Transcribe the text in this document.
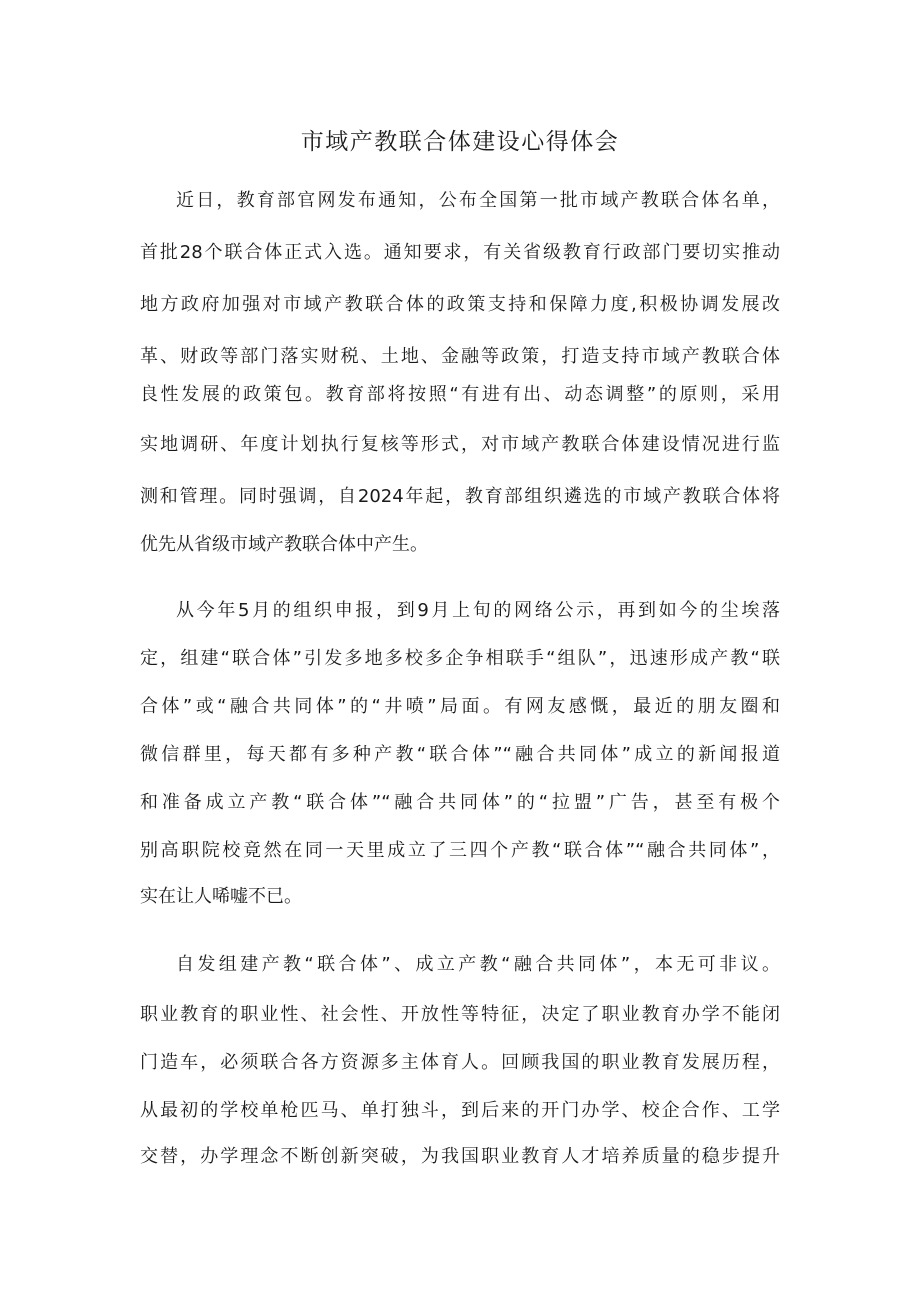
市域产教联合体建设心得体会
近日，教育部官网发布通知，公布全国第一批市域产教联合体名单，
首批28个联合体正式入选。通知要求，有关省级教育行政部门要切实推动
地方政府加强对市域产教联合体的政策支持和保障力度,积极协调发展改
革、财政等部门落实财税、土地、金融等政策，打造支持市域产教联合体
良性发展的政策包。教育部将按照“有进有出、动态调整”的原则，采用
实地调研、年度计划执行复核等形式，对市域产教联合体建设情况进行监
测和管理。同时强调，自2024年起，教育部组织遴选的市域产教联合体将
优先从省级市域产教联合体中产生。
从今年5月的组织申报，到9月上旬的网络公示，再到如今的尘埃落
定，组建“联合体”引发多地多校多企争相联手“组队”，迅速形成产教“联
合体”或“融合共同体”的“井喷”局面。有网友感慨，最近的朋友圈和
微信群里，每天都有多种产教“联合体”“融合共同体”成立的新闻报道
和准备成立产教“联合体”“融合共同体”的“拉盟”广告，甚至有极个
别高职院校竟然在同一天里成立了三四个产教“联合体”“融合共同体”，
实在让人唏嘘不已。
自发组建产教“联合体”、成立产教“融合共同体”，本无可非议。
职业教育的职业性、社会性、开放性等特征，决定了职业教育办学不能闭
门造车，必须联合各方资源多主体育人。回顾我国的职业教育发展历程，
从最初的学校单枪匹马、单打独斗，到后来的开门办学、校企合作、工学
交替，办学理念不断创新突破，为我国职业教育人才培养质量的稳步提升
